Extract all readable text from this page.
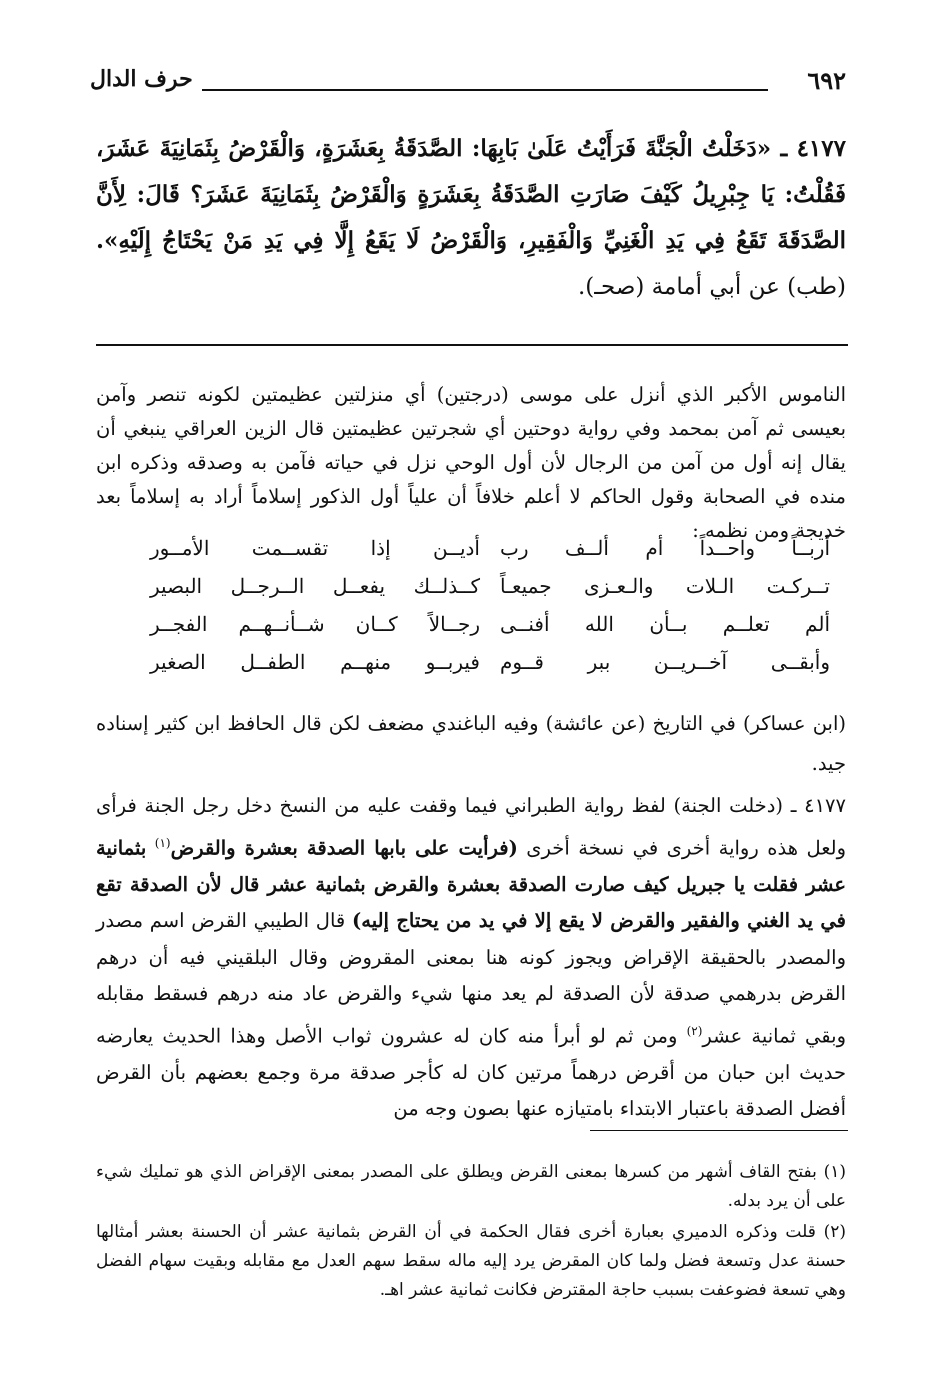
٦٩٢
حرف الدال
٤١٧٧ ـ «دَخَلْتُ الْجَنَّةَ فَرَأَيْتُ عَلَىٰ بَابِهَا: الصَّدَقَةُ بِعَشَرَةٍ، وَالْقَرْضُ بِثَمَانِيَةَ عَشَرَ، فَقُلْتُ: يَا جِبْرِيلُ كَيْفَ صَارَتِ الصَّدَقَةُ بِعَشَرَةٍ وَالْقَرْضُ بِثَمَانِيَةَ عَشَرَ؟ قَالَ: لِأَنَّ الصَّدَقَةَ تَقَعُ فِي يَدِ الْغَنِيِّ وَالْفَقِيرِ، وَالْقَرْضُ لَا يَقَعُ إِلَّا فِي يَدِ مَنْ يَحْتَاجُ إِلَيْهِ». (طب) عن أبي أمامة (صحـ).
الناموس الأكبر الذي أنزل على موسى (درجتين) أي منزلتين عظيمتين لكونه تنصر وآمن بعيسى ثم آمن بمحمد وفي رواية دوحتين أي شجرتين عظيمتين قال الزين العراقي ينبغي أن يقال إنه أول من آمن من الرجال لأن أول الوحي نزل في حياته فآمن به وصدقه وذكره ابن منده في الصحابة وقول الحاكم لا أعلم خلافاً أن علياً أول الذكور إسلاماً أراد به إسلاماً بعد خديجة ومن نظمه :
أربــاً واحــداً أم ألــف رب
أديــن إذا تقســمت الأمــور
تــركـت الـلات والـعـزى جميعـاً
كــذلــك يفعــل الــرجــل البصير
ألم تعلــم بــأن الله أفنــى
رجــالاً كــان شــأنــهــم الفجــر
وأبقــى آخــريــن ببر قــوم
فيربــو منهــم الطفــل الصغير
(ابن عساكر) في التاريخ (عن عائشة) وفيه الباغندي مضعف لكن قال الحافظ ابن كثير إسناده جيد.
٤١٧٧ ـ (دخلت الجنة) لفظ رواية الطبراني فيما وقفت عليه من النسخ دخل رجل الجنة فرأى ولعل هذه رواية أخرى في نسخة أخرى (فرأيت على بابها الصدقة بعشرة والقرض$^{(١)}$ بثمانية عشر فقلت يا جبريل كيف صارت الصدقة بعشرة والقرض بثمانية عشر قال لأن الصدقة تقع في يد الغني والفقير والقرض لا يقع إلا في يد من يحتاج إليه) قال الطيبي القرض اسم مصدر والمصدر بالحقيقة الإقراض ويجوز كونه هنا بمعنى المقروض وقال البلقيني فيه أن درهم القرض بدرهمي صدقة لأن الصدقة لم يعد منها شيء والقرض عاد منه درهم فسقط مقابله وبقي ثمانية عشر$^{(٢)}$ ومن ثم لو أبرأ منه كان له عشرون ثواب الأصل وهذا الحديث يعارضه حديث ابن حبان من أقرض درهماً مرتين كان له كأجر صدقة مرة وجمع بعضهم بأن القرض أفضل الصدقة باعتبار الابتداء بامتيازه عنها بصون وجه من

(١) بفتح القاف أشهر من كسرها بمعنى القرض ويطلق على المصدر بمعنى الإقراض الذي هو تمليك شيء على أن يرد بدله.

(٢) قلت وذكره الدميري بعبارة أخرى فقال الحكمة في أن القرض بثمانية عشر أن الحسنة بعشر أمثالها حسنة عدل وتسعة فضل ولما كان المقرض يرد إليه ماله سقط سهم العدل مع مقابله وبقيت سهام الفضل وهي تسعة فضوعفت بسبب حاجة المقترض فكانت ثمانية عشر اهـ.
